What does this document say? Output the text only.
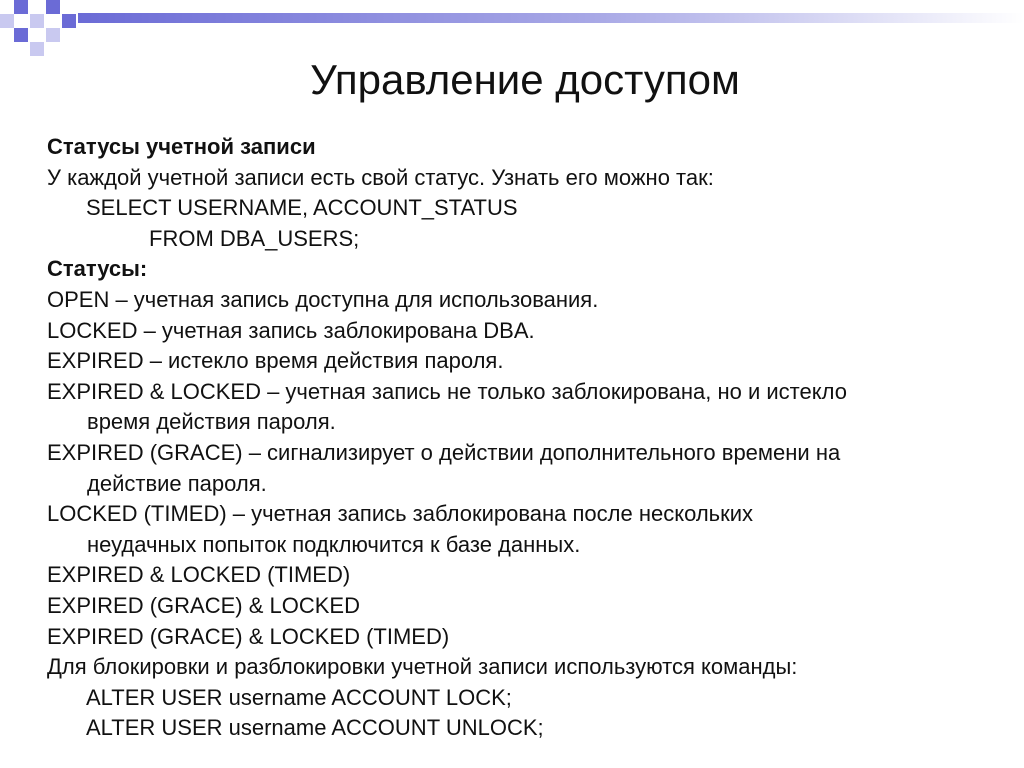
Управление доступом
Статусы учетной записи
У каждой учетной записи есть свой статус. Узнать его можно так:
SELECT USERNAME, ACCOUNT_STATUS
FROM DBA_USERS;
Статусы:
OPEN – учетная запись доступна для использования.
LOCKED – учетная запись заблокирована DBA.
EXPIRED – истекло время действия пароля.
EXPIRED & LOCKED – учетная запись не только заблокирована, но и истекло
время действия пароля.
EXPIRED (GRACE) – сигнализирует о действии дополнительного времени на
действие пароля.
LOCKED (TIMED) – учетная запись заблокирована после нескольких
неудачных попыток подключится к базе данных.
EXPIRED & LOCKED (TIMED)
EXPIRED (GRACE) & LOCKED
EXPIRED (GRACE) & LOCKED (TIMED)
Для блокировки и разблокировки учетной записи используются команды:
ALTER USER username ACCOUNT LOCK;
ALTER USER username ACCOUNT UNLOCK;
